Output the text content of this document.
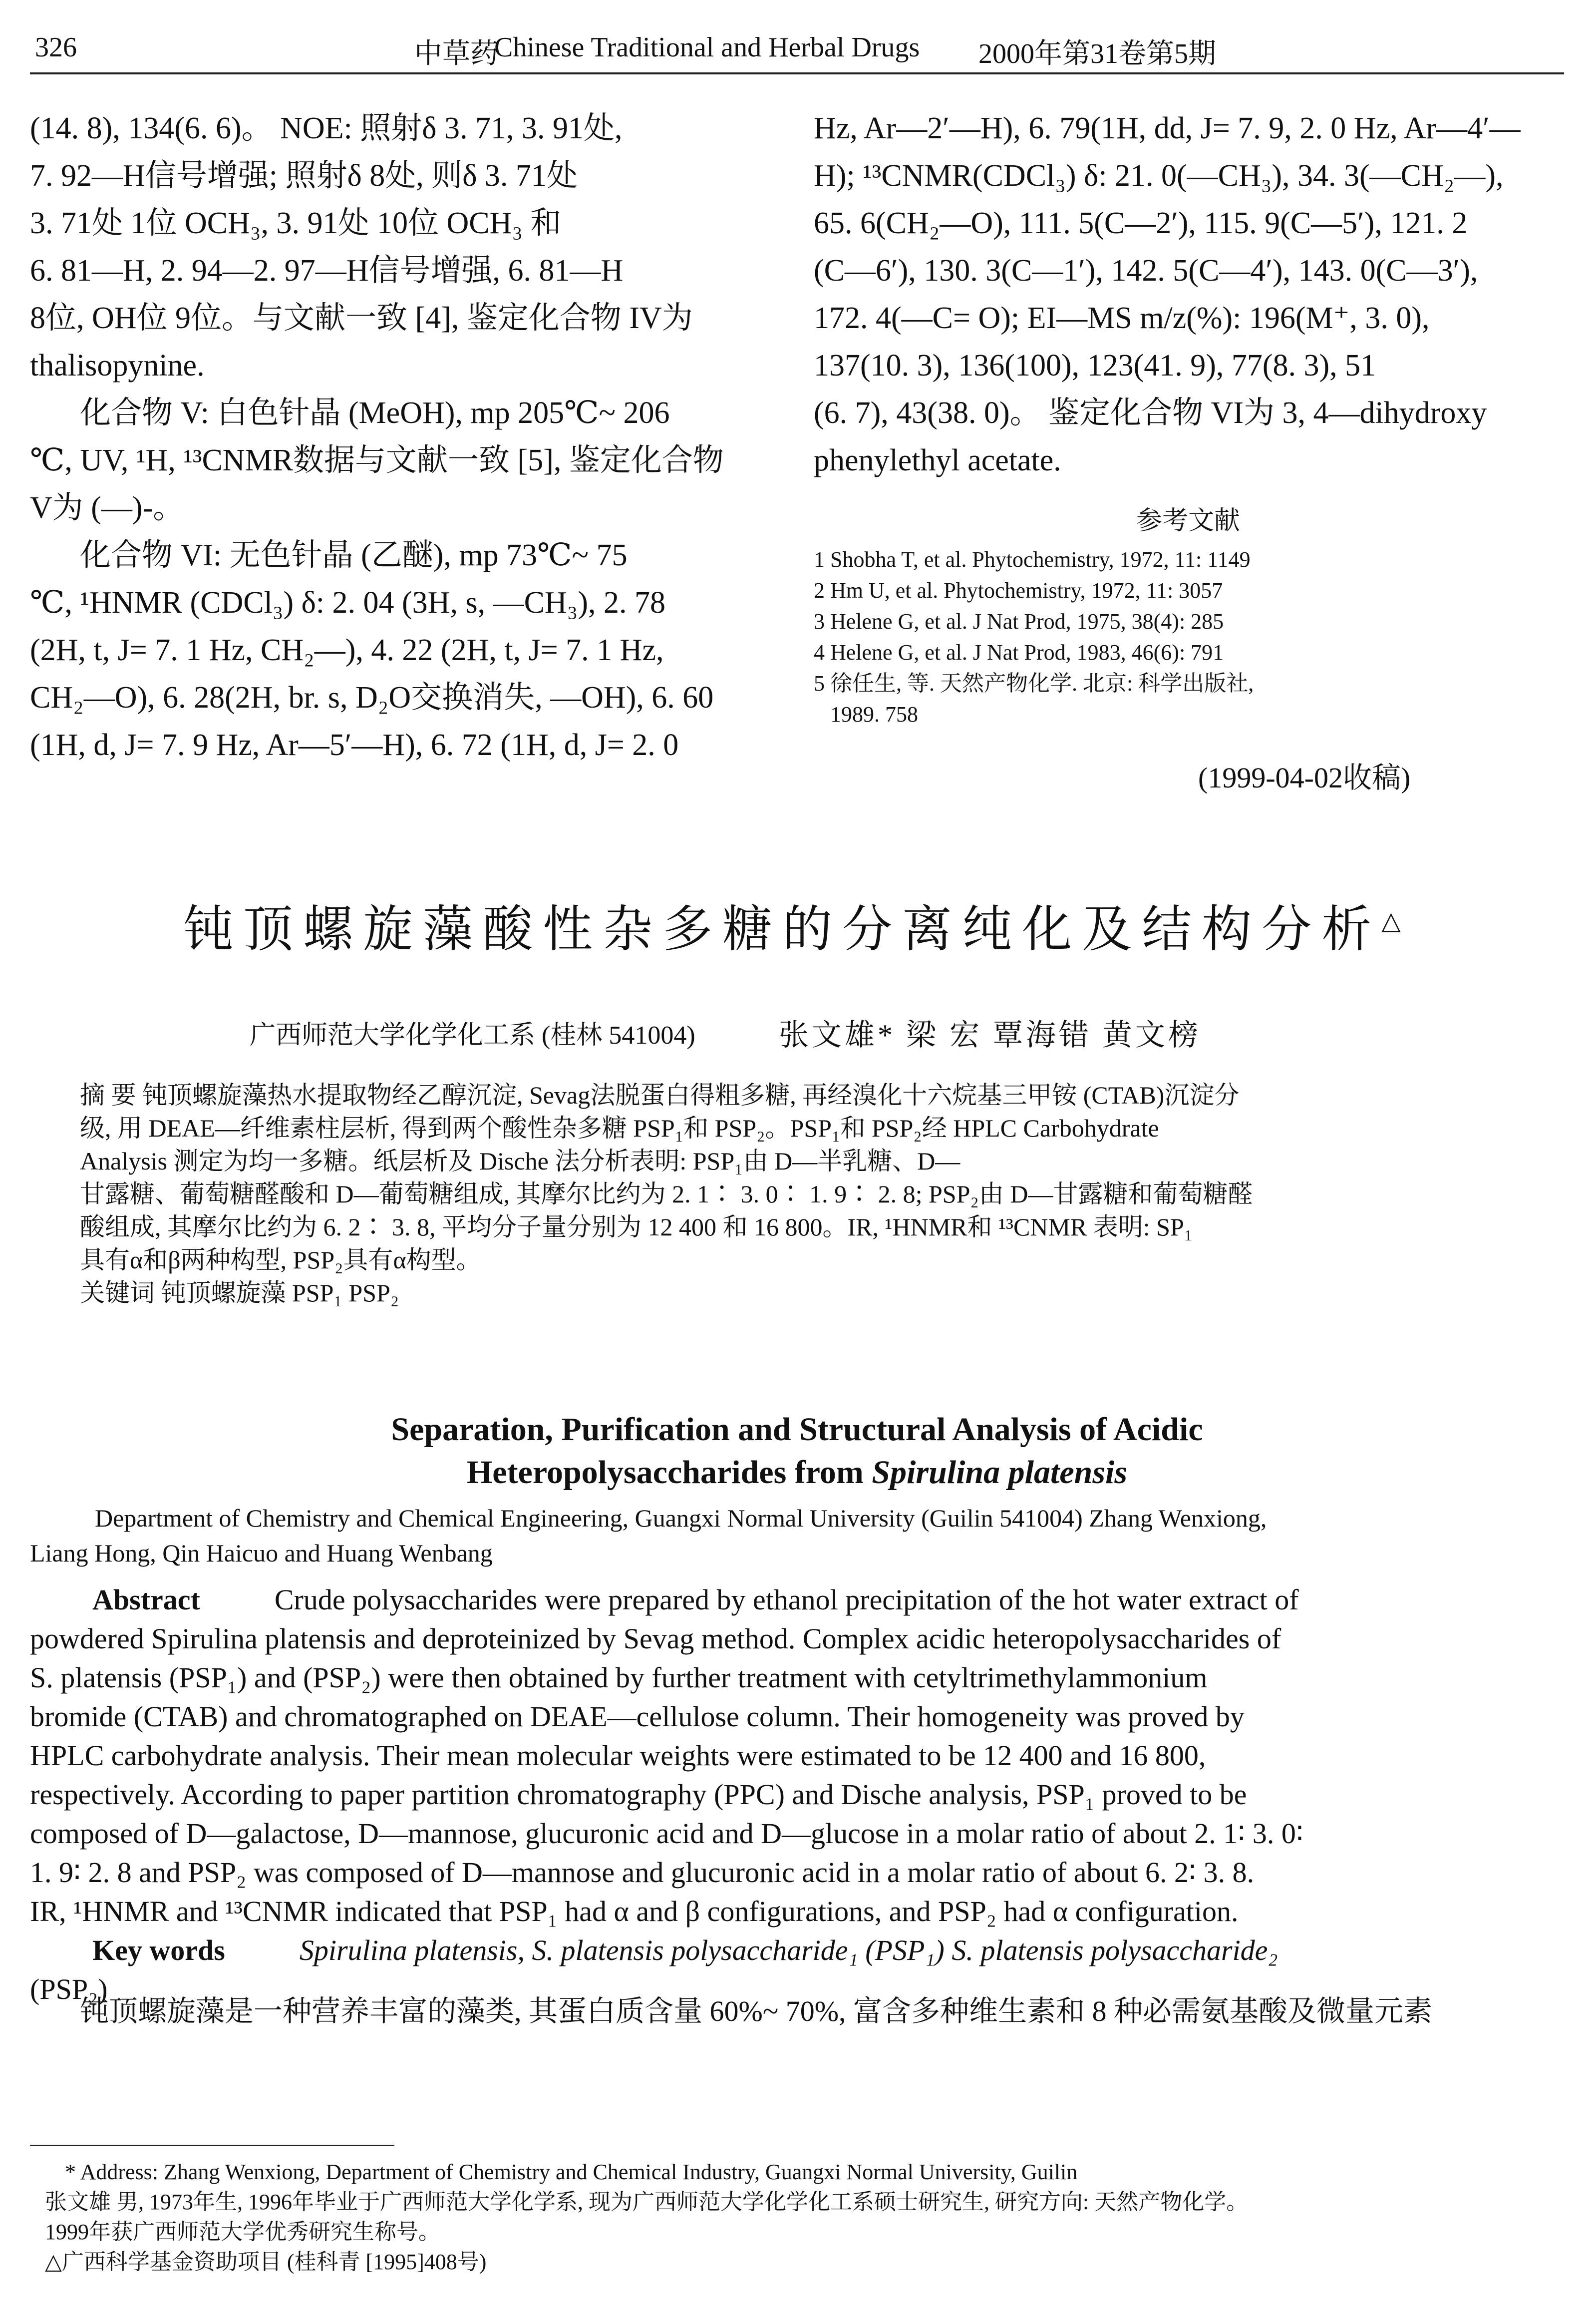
326	中草药
Chinese Traditional and Herbal Drugs 2000年第31卷第5期

(14. 8), 134(6. 6)。 NOE: 照射δ 3. 71, 3. 91处,

7. 92—H信号增强; 照射δ 8处, 则δ 3. 71处

3. 71处 1位 OCH₃, 3. 91处 10位 OCH₃ 和

6. 81—H, 2. 94—2. 97—H信号增强, 6. 81—H

8位, OH位 9位。与文献一致 [4], 鉴定化合物 IV为

thalisopynine.

化合物 V: 白色针晶 (MeOH), mp 205℃~ 206

℃, UV, ¹H, ¹³CNMR数据与文献一致 [5], 鉴定化合物

V为 (—)-。

化合物 VI: 无色针晶 (乙醚), mp 73℃~ 75

℃, ¹HNMR (CDCl₃) δ: 2. 04 (3H, s, —CH₃), 2. 78

(2H, t, J= 7. 1 Hz, CH₂—), 4. 22 (2H, t, J= 7. 1 Hz,

CH₂—O), 6. 28(2H, br. s, D₂O交换消失, —OH), 6. 60

(1H, d, J= 7. 9 Hz, Ar—5′—H), 6. 72 (1H, d, J= 2. 0

Hz, Ar—2′—H), 6. 79(1H, dd, J= 7. 9, 2. 0 Hz, Ar—4′—

H); ¹³CNMR(CDCl₃) δ: 21. 0(—CH₃), 34. 3(—CH₂—),

65. 6(CH₂—O), 111. 5(C—2′), 115. 9(C—5′), 121. 2

(C—6′), 130. 3(C—1′), 142. 5(C—4′), 143. 0(C—3′),

172. 4(—C= O); EI—MS m/z(%): 196(M⁺, 3. 0),

137(10. 3), 136(100), 123(41. 9), 77(8. 3), 51

(6. 7), 43(38. 0)。 鉴定化合物 VI为 3, 4—dihydroxy

phenylethyl acetate.

参考文献
1 Shobha T, et al. Phytochemistry, 1972, 11: 1149
2 Hm U, et al. Phytochemistry, 1972, 11: 3057
3 Helene G, et al. J Nat Prod, 1975, 38(4): 285
4 Helene G, et al. J Nat Prod, 1983, 46(6): 791
5 徐任生, 等. 天然产物化学. 北京: 科学出版社,
1989. 758
(1999-04-02收稿)
钝顶螺旋藻酸性杂多糖的分离纯化及结构分析△
广西师范大学化学化工系 (桂林 541004)	张文雄* 梁 宏 覃海错 黄文榜
摘 要 钝顶螺旋藻热水提取物经乙醇沉淀, Sevag法脱蛋白得粗多糖, 再经溴化十六烷基三甲铵 (CTAB)沉淀分
级, 用 DEAE—纤维素柱层析, 得到两个酸性杂多糖 PSP₁和 PSP₂。PSP₁和 PSP₂经 HPLC Carbohydrate
Analysis 测定为均一多糖。纸层析及 Dische 法分析表明: PSP₁由 D—半乳糖、D—
甘露糖、葡萄糖醛酸和 D—葡萄糖组成, 其摩尔比约为 2. 1∶ 3. 0∶ 1. 9∶ 2. 8; PSP₂由 D—甘露糖和葡萄糖醛
酸组成, 其摩尔比约为 6. 2∶ 3. 8, 平均分子量分别为 12 400 和 16 800。IR, ¹HNMR和 ¹³CNMR 表明: SP₁
具有α和β两种构型, PSP₂具有α构型。
关键词 钝顶螺旋藻 PSP₁ PSP₂
Separation, Purification and Structural Analysis of Acidic
Heteropolysaccharides from Spirulina platensis
Department of Chemistry and Chemical Engineering, Guangxi Normal University (Guilin 541004) Zhang Wenxiong,
Liang Hong, Qin Haicuo and Huang Wenbang
Abstract	Crude polysaccharides were prepared by ethanol precipitation of the hot water extract of
powdered Spirulina platensis and deproteinized by Sevag method. Complex acidic heteropolysaccharides of
S. platensis (PSP₁) and (PSP₂) were then obtained by further treatment with cetyltrimethylammonium
bromide (CTAB) and chromatographed on DEAE—cellulose column. Their homogeneity was proved by
HPLC carbohydrate analysis. Their mean molecular weights were estimated to be 12 400 and 16 800,
respectively. According to paper partition chromatography (PPC) and Dische analysis, PSP₁ proved to be
composed of D—galactose, D—mannose, glucuronic acid and D—glucose in a molar ratio of about 2. 1∶ 3. 0∶
1. 9∶ 2. 8 and PSP₂ was composed of D—mannose and glucuronic acid in a molar ratio of about 6. 2∶ 3. 8.
IR, ¹HNMR and ¹³CNMR indicated that PSP₁ had α and β configurations, and PSP₂ had α configuration.
Key words	Spirulina platensis, S. platensis polysaccharide₁ (PSP₁) S. platensis polysaccharide₂
(PSP₂)
钝顶螺旋藻是一种营养丰富的藻类, 其蛋白质含量 60%~ 70%, 富含多种维生素和 8 种必需氨基酸及微量元素
* Address: Zhang Wenxiong, Department of Chemistry and Chemical Industry, Guangxi Normal University, Guilin
张文雄 男, 1973年生, 1996年毕业于广西师范大学化学系, 现为广西师范大学化学化工系硕士研究生, 研究方向: 天然产物化学。
1999年获广西师范大学优秀研究生称号。
△广西科学基金资助项目 (桂科青 [1995]408号)
